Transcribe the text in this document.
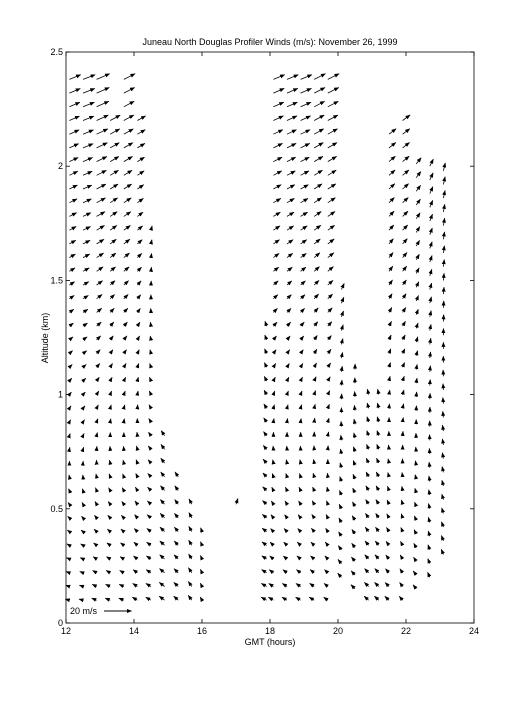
Juneau North Douglas Profiler Winds (m/s): November 26, 1999
12	14	16	18	20	22	24
0
0.5
1
1.5
2
2.5
GMT (hours)
Altitude (km)
20 m/s
